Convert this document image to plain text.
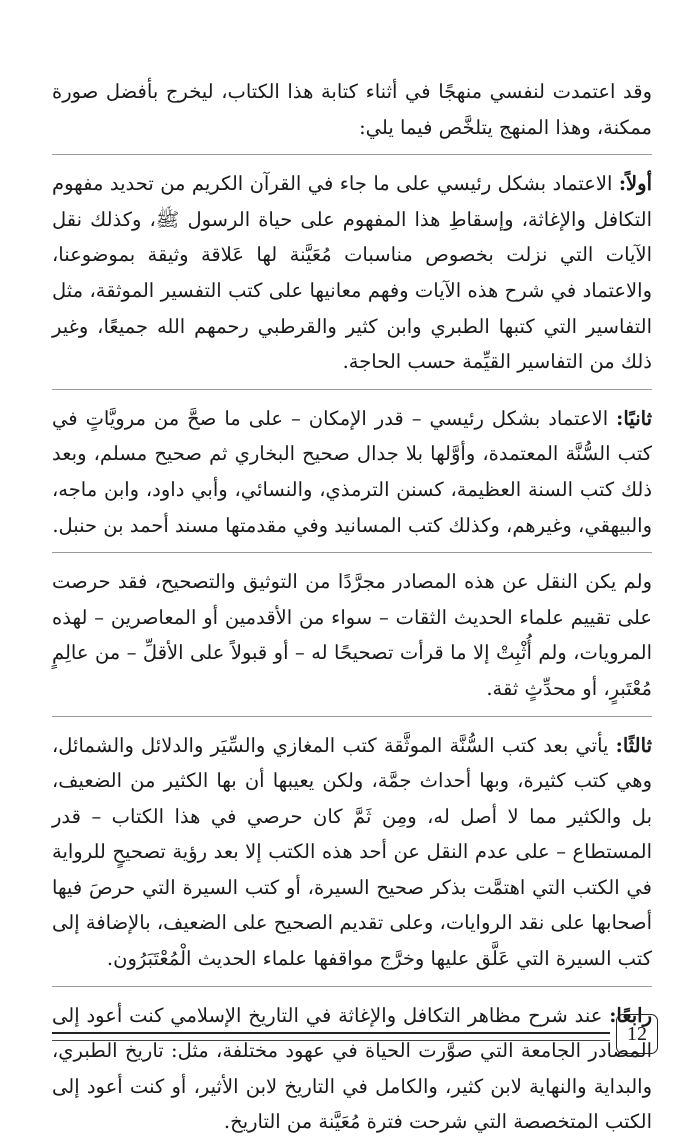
وقد اعتمدت لنفسي منهجًا في أثناء كتابة هذا الكتاب، ليخرج بأفضل صورة ممكنة، وهذا المنهج يتلخَّص فيما يلي:

أولاً: الاعتماد بشكل رئيسي على ما جاء في القرآن الكريم من تحديد مفهوم التكافل والإغاثة، وإسقاطِ هذا المفهوم على حياة الرسول ﷺ، وكذلك نقل الآيات التي نزلت بخصوص مناسبات مُعَيَّنة لها عَلاقة وثيقة بموضوعنا، والاعتماد في شرح هذه الآيات وفهم معانيها على كتب التفسير الموثقة، مثل التفاسير التي كتبها الطبري وابن كثير والقرطبي رحمهم الله جميعًا، وغير ذلك من التفاسير القيِّمة حسب الحاجة.

ثانيًا: الاعتماد بشكل رئيسي – قدر الإمكان – على ما صحَّ من مرويَّاتٍ في كتب السُّنَّة المعتمدة، وأوَّلها بلا جدال صحيح البخاري ثم صحيح مسلم، وبعد ذلك كتب السنة العظيمة، كسنن الترمذي، والنسائي، وأبي داود، وابن ماجه، والبيهقي، وغيرهم، وكذلك كتب المسانيد وفي مقدمتها مسند أحمد بن حنبل.

ولم يكن النقل عن هذه المصادر مجرَّدًا من التوثيق والتصحيح، فقد حرصت على تقييم علماء الحديث الثقات – سواء من الأقدمين أو المعاصرين – لهذه المرويات، ولم أُثْبِتْ إلا ما قرأت تصحيحًا له – أو قبولاً على الأقلِّ – من عالِمٍ مُعْتَبرٍ، أو محدِّثٍ ثقة.

ثالثًا: يأتي بعد كتب السُّنَّة الموثَّقة كتب المغازي والسِّيَر والدلائل والشمائل، وهي كتب كثيرة، وبها أحداث جمَّة، ولكن يعيبها أن بها الكثير من الضعيف، بل والكثير مما لا أصل له، ومِن ثَمَّ كان حرصي في هذا الكتاب – قدر المستطاع – على عدم النقل عن أحد هذه الكتب إلا بعد رؤية تصحيحٍ للرواية في الكتب التي اهتمَّت بذكر صحيح السيرة، أو كتب السيرة التي حرصَ فيها أصحابها على نقد الروايات، وعلى تقديم الصحيح على الضعيف، بالإضافة إلى كتب السيرة التي عَلَّق عليها وخرَّج مواقفها علماء الحديث الْمُعْتَبَرُون.

رابعًا: عند شرح مظاهر التكافل والإغاثة في التاريخ الإسلامي كنت أعود إلى المصادر الجامعة التي صوَّرت الحياة في عهود مختلفة، مثل: تاريخ الطبري، والبداية والنهاية لابن كثير، والكامل في التاريخ لابن الأثير، أو كنت أعود إلى الكتب المتخصصة التي شرحت فترة مُعَيَّنة من التاريخ.

12
